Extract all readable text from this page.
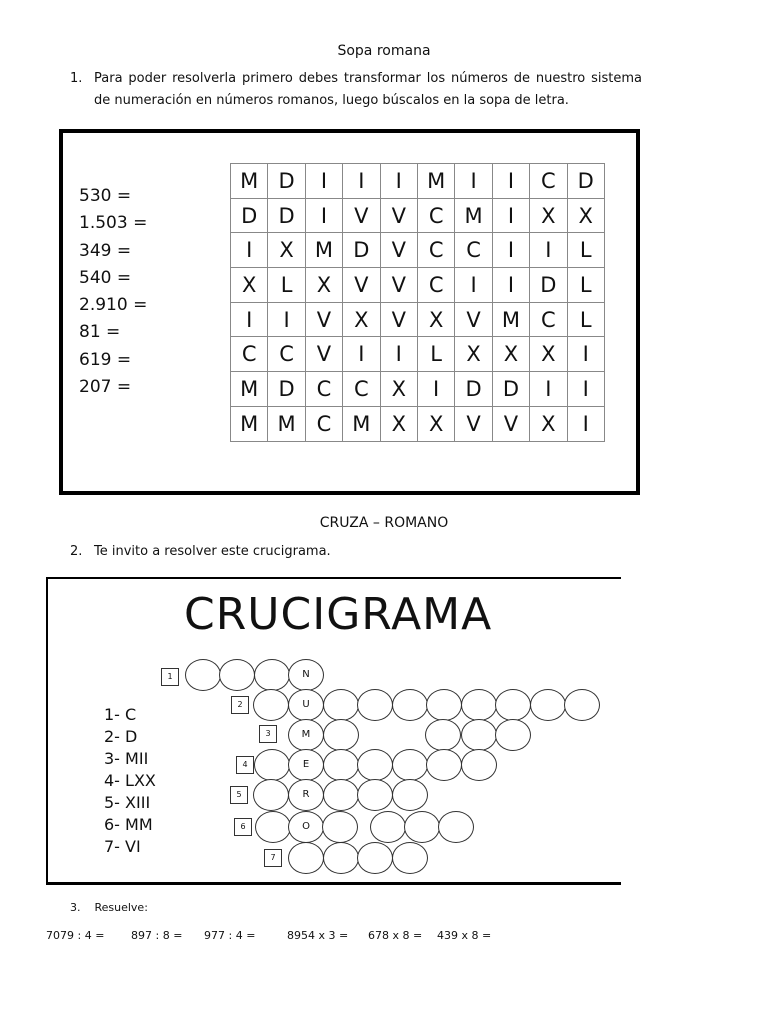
Sopa romana
1. Para poder resolverla primero debes transformar los números de nuestro sistema de numeración en números romanos, luego búscalos en la sopa de letra.
530 =
1.503 =
349 =
540 =
2.910 =
81 =
619 =
207 =
M	D	I	I	I	M	I	I	C	D
D	D	I	V	V	C	M	I	X	X
I	X	M	D	V	C	C	I	I	L
X	L	X	V	V	C	I	I	D	L
I	I	V	X	V	X	V	M	C	L
C	C	V	I	I	L	X	X	X	I
M	D	C	C	X	I	D	D	I	I
M	M	C	M	X	X	V	V	X	I
CRUZA – ROMANO
2. Te invito a resolver este crucigrama.
CRUCIGRAMA
1- C
2- D
3- MII
4- LXX
5- XIII
6- MM
7- VI
1	N
2	U
3	M
4	E
5	R
6	O
7
3.    Resuelve:
7079 : 4 = 897 : 8 = 977 : 4 =	8954 x 3 = 678 x 8 = 439 x 8 =
